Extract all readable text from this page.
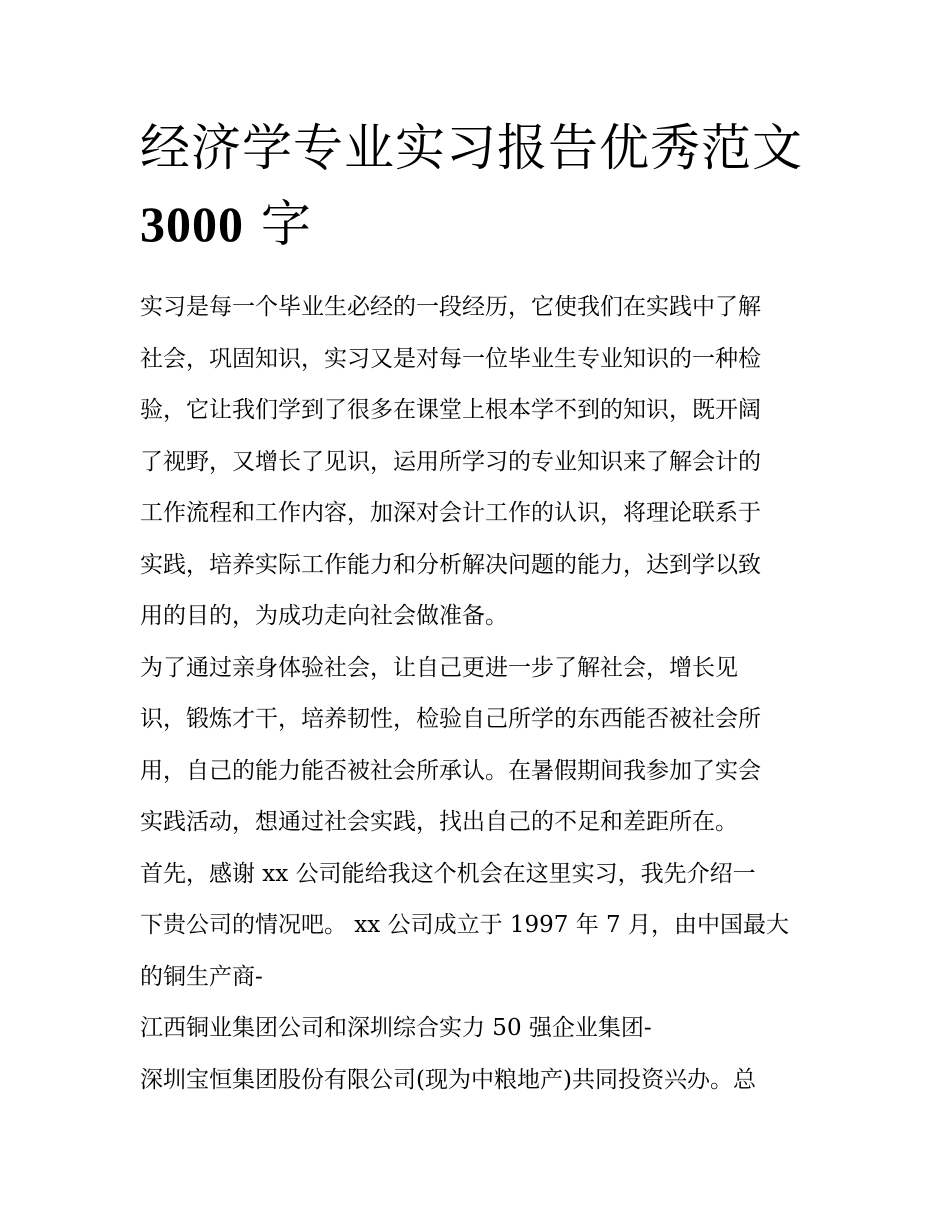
经济学专业实习报告优秀范文
3000 字

实习是每一个毕业生必经的一段经历，它使我们在实践中了解
社会，巩固知识，实习又是对每一位毕业生专业知识的一种检
验，它让我们学到了很多在课堂上根本学不到的知识，既开阔
了视野，又增长了见识，运用所学习的专业知识来了解会计的
工作流程和工作内容，加深对会计工作的认识，将理论联系于
实践，培养实际工作能力和分析解决问题的能力，达到学以致
用的目的，为成功走向社会做准备。

为了通过亲身体验社会，让自己更进一步了解社会，增长见
识，锻炼才干，培养韧性，检验自己所学的东西能否被社会所
用，自己的能力能否被社会所承认。在暑假期间我参加了实会
实践活动，想通过社会实践，找出自己的不足和差距所在。

首先，感谢 xx 公司能给我这个机会在这里实习，我先介绍一
下贵公司的情况吧。 xx 公司成立于 1997 年 7 月，由中国最大
的铜生产商-

江西铜业集团公司和深圳综合实力 50 强企业集团-

深圳宝恒集团股份有限公司(现为中粮地产)共同投资兴办。总
